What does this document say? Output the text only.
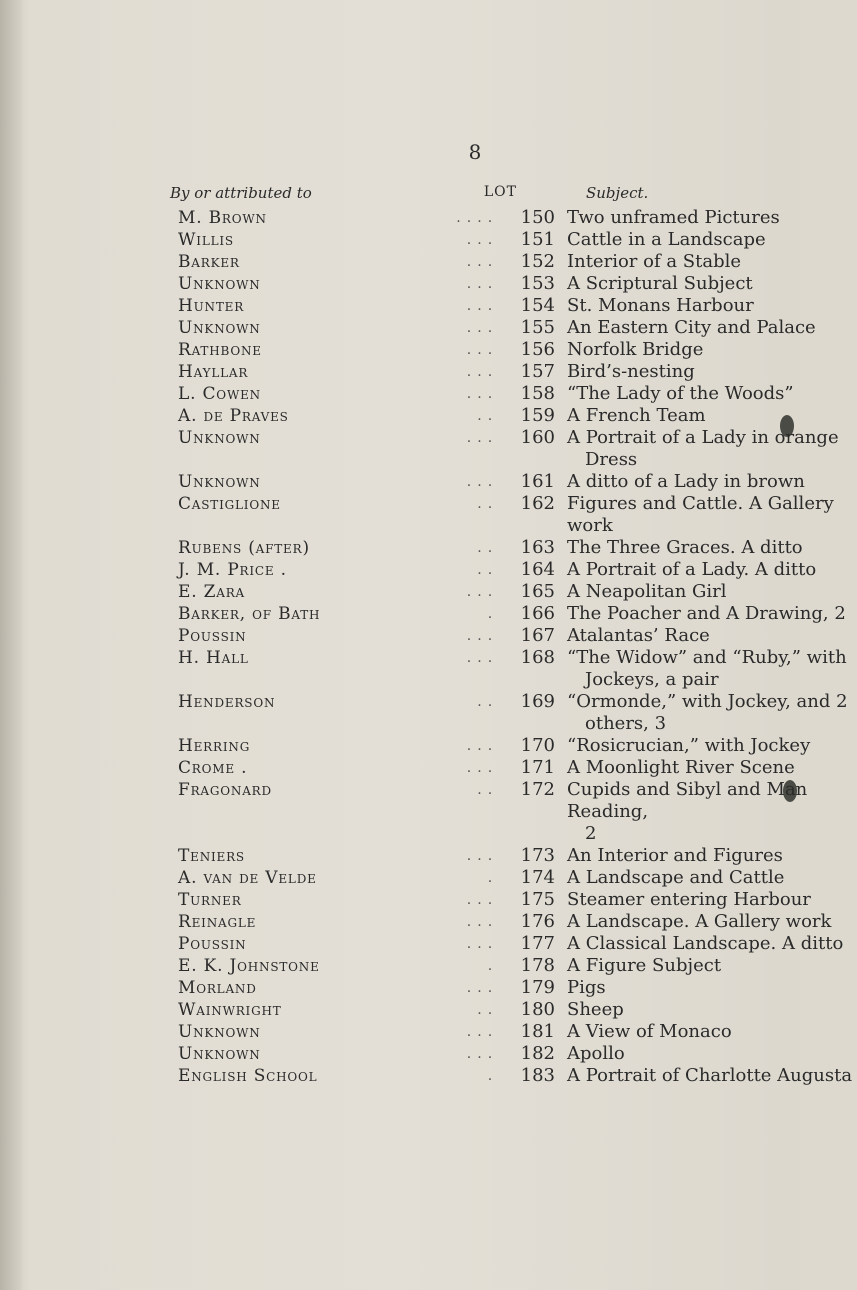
8
By or attributed to	LOT	Subject.
M. Brown	. . . .	150 Two unframed Pictures
Willis	. . .	151 Cattle in a Landscape
Barker	. . .	152 Interior of a Stable
Unknown	. . .	153 A Scriptural Subject
Hunter	. . .	154 St. Monans Harbour
Unknown	. . .	155 An Eastern City and Palace
Rathbone	. . .	156 Norfolk Bridge
Hayllar	. . .	157 Bird’s-nesting
L. Cowen	. . .	158 “The Lady of the Woods”
A. de Praves	. .	159 A French Team
Unknown	. . .	160 A Portrait of a Lady in orange
Dress
Unknown	. . .	161 A ditto of a Lady in brown
Castiglione	. .	162 Figures and Cattle. A Gallery work
Rubens (after)	. .	163 The Three Graces. A ditto
J. M. Price .	. .	164 A Portrait of a Lady. A ditto
E. Zara	. . .	165 A Neapolitan Girl
Barker, of Bath	.	166 The Poacher and A Drawing, 2
Poussin	. . .	167 Atalantas’ Race
H. Hall	. . .	168 “The Widow” and “Ruby,” with
Jockeys, a pair
Henderson	. .	169 “Ormonde,” with Jockey, and 2
others, 3
Herring	. . .	170 “Rosicrucian,” with Jockey
Crome .	. . .	171 A Moonlight River Scene
Fragonard	. .	172 Cupids and Sibyl and Man Reading,
2
Teniers	. . .	173 An Interior and Figures
A. van de Velde	.	174 A Landscape and Cattle
Turner	. . .	175 Steamer entering Harbour
Reinagle	. . .	176 A Landscape. A Gallery work
Poussin	. . .	177 A Classical Landscape. A ditto
E. K. Johnstone	.	178 A Figure Subject
Morland	. . .	179 Pigs
Wainwright	. .	180 Sheep
Unknown	. . .	181 A View of Monaco
Unknown	. . .	182 Apollo
English School	.	183 A Portrait of Charlotte Augusta
